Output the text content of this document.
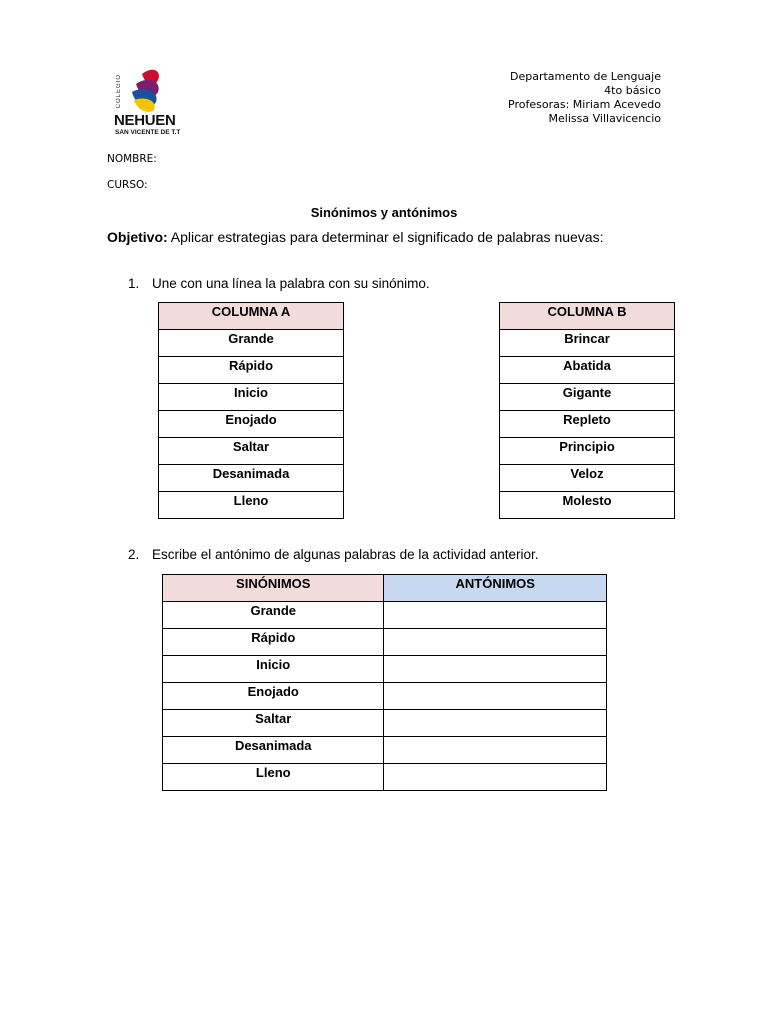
COLEGIO
NEHUEN
SAN VICENTE DE T.T
Departamento de Lenguaje
4to básico
Profesoras: Miriam Acevedo
Melissa Villavicencio
NOMBRE:
CURSO:
Sinónimos y antónimos
Objetivo: Aplicar estrategias para determinar el significado de palabras nuevas:
1. Une con una línea la palabra con su sinónimo.
COLUMNA A

Grande

Rápido

Inicio

Enojado

Saltar

Desanimada

Lleno
COLUMNA B

Brincar

Abatida

Gigante

Repleto

Principio

Veloz

Molesto
2. Escribe el antónimo de algunas palabras de la actividad anterior.
SINÓNIMOS	ANTÓNIMOS

Grande	

Rápido	

Inicio	

Enojado	

Saltar	

Desanimada	

Lleno	
